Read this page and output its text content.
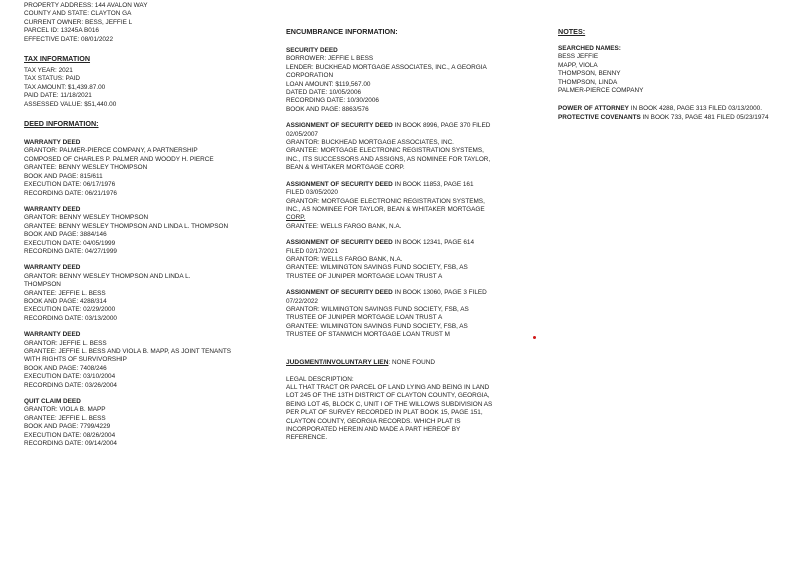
PROPERTY ADDRESS: 144 AVALON WAY
COUNTY AND STATE: CLAYTON GA
CURRENT OWNER: BESS, JEFFIE L
PARCEL ID: 13245A B016
EFFECTIVE DATE: 08/01/2022
TAX INFORMATION
TAX YEAR: 2021
TAX STATUS: PAID
TAX AMOUNT: $1,439.87.00
PAID DATE: 11/18/2021
ASSESSED VALUE: $51,440.00
DEED INFORMATION:
WARRANTY DEED
GRANTOR: PALMER-PIERCE COMPANY, A PARTNERSHIP
COMPOSED OF CHARLES P. PALMER AND WOODY H. PIERCE
GRANTEE: BENNY WESLEY THOMPSON
BOOK AND PAGE: 815/611
EXECUTION DATE: 06/17/1976
RECORDING DATE: 06/21/1976
WARRANTY DEED
GRANTOR: BENNY WESLEY THOMPSON
GRANTEE: BENNY WESLEY THOMPSON AND LINDA L. THOMPSON
BOOK AND PAGE: 3884/146
EXECUTION DATE: 04/05/1999
RECORDING DATE: 04/27/1999
WARRANTY DEED
GRANTOR: BENNY WESLEY THOMPSON AND LINDA L.
THOMPSON
GRANTEE: JEFFIE L. BESS
BOOK AND PAGE: 4288/314
EXECUTION DATE: 02/29/2000
RECORDING DATE: 03/13/2000
WARRANTY DEED
GRANTOR: JEFFIE L. BESS
GRANTEE: JEFFIE L. BESS AND VIOLA B. MAPP, AS JOINT TENANTS
WITH RIGHTS OF SURVIVORSHIP
BOOK AND PAGE: 7408/246
EXECUTION DATE: 03/10/2004
RECORDING DATE: 03/26/2004
QUIT CLAIM DEED
GRANTOR: VIOLA B. MAPP
GRANTEE: JEFFIE L. BESS
BOOK AND PAGE: 7799/4229
EXECUTION DATE: 08/26/2004
RECORDING DATE: 09/14/2004
ENCUMBRANCE INFORMATION:
SECURITY DEED
BORROWER: JEFFIE L BESS
LENDER: BUCKHEAD MORTGAGE ASSOCIATES, INC., A GEORGIA
CORPORATION
LOAN AMOUNT: $119,567.00
DATED DATE: 10/05/2006
RECORDING DATE: 10/30/2006
BOOK AND PAGE: 8863/576
ASSIGNMENT OF SECURITY DEED IN BOOK 8996, PAGE 370 FILED
02/05/2007
GRANTOR: BUCKHEAD MORTGAGE ASSOCIATES, INC.
GRANTEE: MORTGAGE ELECTRONIC REGISTRATION SYSTEMS,
INC., ITS SUCCESSORS AND ASSIGNS, AS NOMINEE FOR TAYLOR,
BEAN & WHITAKER MORTGAGE CORP.
ASSIGNMENT OF SECURITY DEED IN BOOK 11853, PAGE 161
FILED 03/05/2020
GRANTOR: MORTGAGE ELECTRONIC REGISTRATION SYSTEMS,
INC., AS NOMINEE FOR TAYLOR, BEAN & WHITAKER MORTGAGE
CORP.
GRANTEE: WELLS FARGO BANK, N.A.
ASSIGNMENT OF SECURITY DEED IN BOOK 12341, PAGE 614
FILED 02/17/2021
GRANTOR: WELLS FARGO BANK, N.A.
GRANTEE: WILMINGTON SAVINGS FUND SOCIETY, FSB, AS
TRUSTEE OF JUNIPER MORTGAGE LOAN TRUST A
ASSIGNMENT OF SECURITY DEED IN BOOK 13060, PAGE 3 FILED
07/22/2022
GRANTOR: WILMINGTON SAVINGS FUND SOCIETY, FSB, AS
TRUSTEE OF JUNIPER MORTGAGE LOAN TRUST A
GRANTEE: WILMINGTON SAVINGS FUND SOCIETY, FSB, AS
TRUSTEE OF STANWICH MORTGAGE LOAN TRUST M
JUDGMENT/INVOLUNTARY LIEN: NONE FOUND
LEGAL DESCRIPTION:
ALL THAT TRACT OR PARCEL OF LAND LYING AND BEING IN LAND
LOT 245 OF THE 13TH DISTRICT OF CLAYTON COUNTY, GEORGIA,
BEING LOT 45, BLOCK C, UNIT I OF THE WILLOWS SUBDIVISION AS
PER PLAT OF SURVEY RECORDED IN PLAT BOOK 15, PAGE 151,
CLAYTON COUNTY, GEORGIA RECORDS. WHICH PLAT IS
INCORPORATED HEREIN AND MADE A PART HEREOF BY
REFERENCE.
NOTES:
SEARCHED NAMES:
BESS JEFFIE
MAPP, VIOLA
THOMPSON, BENNY
THOMPSON, LINDA
PALMER-PIERCE COMPANY
POWER OF ATTORNEY IN BOOK 4288, PAGE 313 FILED 03/13/2000.
PROTECTIVE COVENANTS IN BOOK 733, PAGE 481 FILED 05/23/1974
